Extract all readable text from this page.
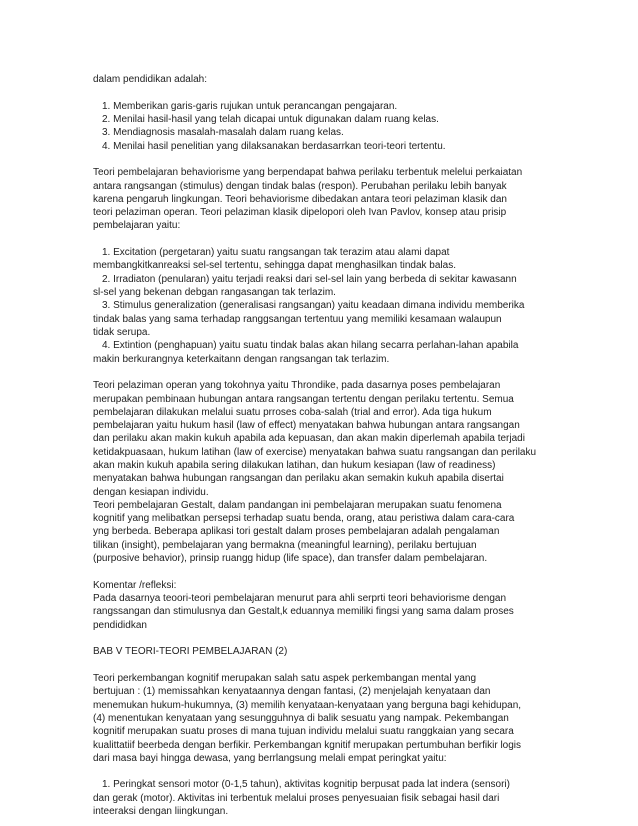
dalam pendidikan adalah:

1. Memberikan garis-garis rujukan untuk perancangan pengajaran.

2. Menilai hasil-hasil yang telah dicapai untuk digunakan dalam ruang kelas.

3. Mendiagnosis masalah-masalah dalam ruang kelas.

4. Menilai hasil penelitian yang dilaksanakan berdasarrkan teori-teori tertentu.

Teori pembelajaran behaviorisme yang berpendapat bahwa perilaku terbentuk melelui perkaiatan

antara rangsangan (stimulus) dengan tindak balas (respon). Perubahan perilaku lebih banyak

karena pengaruh lingkungan. Teori behaviorisme dibedakan antara teori pelaziman klasik dan

teori pelaziman operan. Teori pelaziman klasik dipelopori oleh Ivan Pavlov, konsep atau prisip

pembelajaran yaitu:

1. Excitation (pergetaran) yaitu suatu rangsangan tak terazim atau alami dapat

membangkitkanreaksi sel-sel tertentu, sehingga dapat menghasilkan tindak balas.

2. Irradiaton (penularan) yaitu terjadi reaksi dari sel-sel lain yang berbeda di sekitar kawasann

sl-sel yang bekenan debgan rangasangan tak terlazim.

3. Stimulus generalization (generalisasi rangsangan) yaitu keadaan dimana individu memberika

tindak balas yang sama terhadap ranggsangan tertentuu yang memiliki kesamaan walaupun

tidak serupa.

4. Extintion (penghapuan) yaitu suatu tindak balas akan hilang secarra perlahan-lahan apabila

makin berkurangnya keterkaitann dengan rangsangan tak terlazim.

Teori pelaziman operan yang tokohnya yaitu Throndike, pada dasarnya poses pembelajaran

merupakan pembinaan hubungan antara rangsangan tertentu dengan perilaku tertentu. Semua

pembelajaran dilakukan melalui suatu prroses coba-salah (trial and error). Ada tiga hukum

pembelajaran yaitu hukum hasil (law of effect) menyatakan bahwa hubungan antara rangsangan

dan perilaku akan makin kukuh apabila ada kepuasan, dan akan makin diperlemah apabila terjadi

ketidakpuasaan, hukum latihan (law of exercise) menyatakan bahwa suatu rangsangan dan perilaku

akan makin kukuh apabila sering dilakukan latihan, dan hukum kesiapan (law of readiness)

menyatakan bahwa hubungan rangsangan dan perilaku akan semakin kukuh apabila disertai

dengan kesiapan individu.

Teori pembelajaran Gestalt, dalam pandangan ini pembelajaran merupakan suatu fenomena

kognitif yang melibatkan persepsi terhadap suatu benda, orang, atau peristiwa dalam cara-cara

yng berbeda. Beberapa aplikasi tori gestalt dalam proses pembelajaran adalah pengalaman

tilikan (insight), pembelajaran yang bermakna (meaningful learning), perilaku bertujuan

(purposive behavior), prinsip ruangg hidup (life space), dan transfer dalam pembelajaran.

Komentar /refleksi:

Pada dasarnya teoori-teori pembelajaran menurut para ahli serprti teori behaviorisme dengan

rangssangan dan stimulusnya dan Gestalt,k eduannya memiliki fingsi yang sama dalam proses

pendididkan

BAB V TEORI-TEORI PEMBELAJARAN (2)

Teori perkembangan kognitif merupakan salah satu aspek perkembangan mental yang

bertujuan : (1) memissahkan kenyataannya dengan fantasi, (2) menjelajah kenyataan dan

menemukan hukum-hukumnya, (3) memilih kenyataan-kenyataan yang berguna bagi kehidupan,

(4) menentukan kenyataan yang sesungguhnya di balik sesuatu yang nampak. Pekembangan

kognitif merupakan suatu proses di mana tujuan individu melalui suatu ranggkaian yang secara

kualittatiif beerbeda dengan berfikir. Perkembangan kgnitif merupakan pertumbuhan berfikir logis

dari masa bayi hingga dewasa, yang berrlangsung melali empat peringkat yaitu:

1. Peringkat sensori motor (0-1,5 tahun), aktivitas kognitip berpusat pada lat indera (sensori)

dan gerak (motor). Aktivitas ini terbentuk melalui proses penyesuaian fisik sebagai hasil dari

inteeraksi dengan liingkungan.
